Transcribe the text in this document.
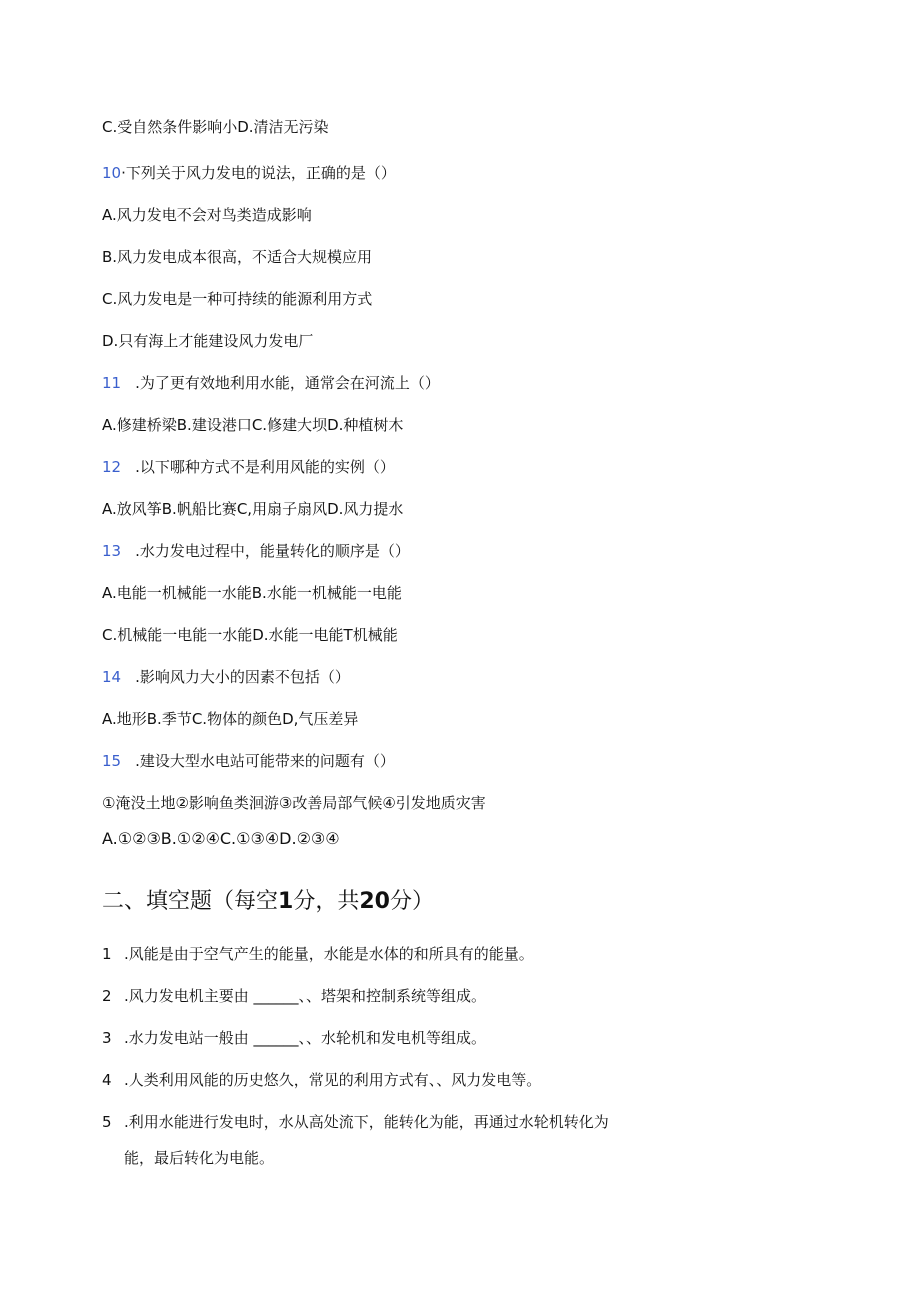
C.受自然条件影响小D.清洁无污染

10·下列关于风力发电的说法，正确的是（）

A.风力发电不会对鸟类造成影响

B.风力发电成本很高，不适合大规模应用

C.风力发电是一种可持续的能源利用方式

D.只有海上才能建设风力发电厂

11 .为了更有效地利用水能，通常会在河流上（）

A.修建桥梁B.建设港口C.修建大坝D.种植树木

12 .以下哪种方式不是利用风能的实例（）

A.放风筝B.帆船比赛C,用扇子扇风D.风力提水

13 .水力发电过程中，能量转化的顺序是（）

A.电能一机械能一水能B.水能一机械能一电能

C.机械能一电能一水能D.水能一电能T机械能

14 .影响风力大小的因素不包括（）

A.地形B.季节C.物体的颜色D,气压差异

15 .建设大型水电站可能带来的问题有（）

①淹没土地②影响鱼类洄游③改善局部气候④引发地质灾害

A.①②③B.①②④C.①③④D.②③④

二、填空题（每空1分，共20分）

1 .风能是由于空气产生的能量，水能是水体的和所具有的能量。

2 .风力发电机主要由 ______、、塔架和控制系统等组成。

3 .水力发电站一般由 ______、、水轮机和发电机等组成。

4 .人类利用风能的历史悠久，常见的利用方式有、、风力发电等。

5 .利用水能进行发电时，水从高处流下，能转化为能，再通过水轮机转化为

能，最后转化为电能。
